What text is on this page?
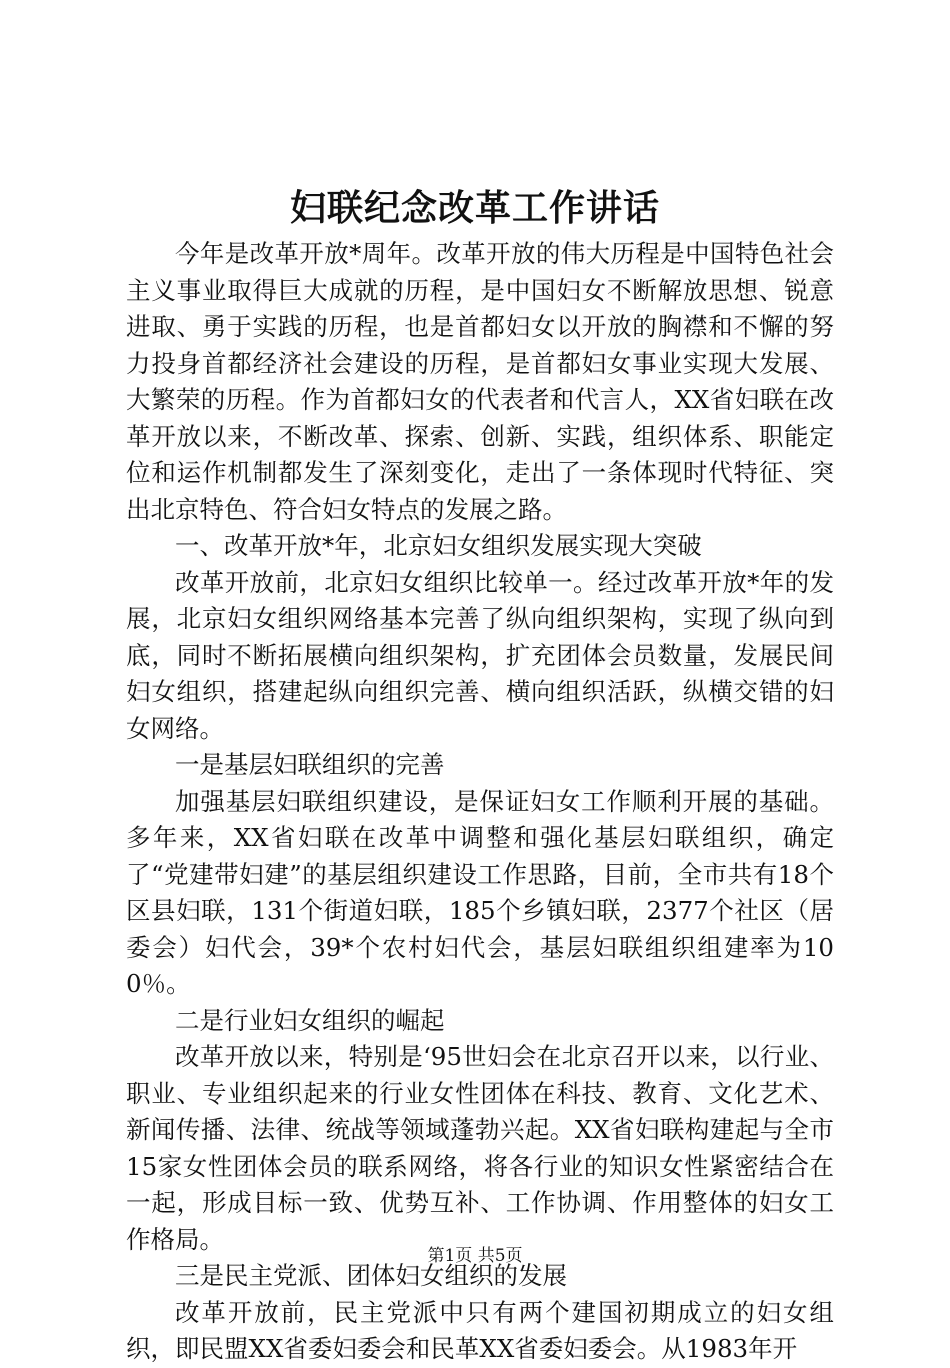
妇联纪念改革工作讲话

今年是改革开放*周年。改革开放的伟大历程是中国特色社会主义事业取得巨大成就的历程，是中国妇女不断解放思想、锐意进取、勇于实践的历程，也是首都妇女以开放的胸襟和不懈的努力投身首都经济社会建设的历程，是首都妇女事业实现大发展、大繁荣的历程。作为首都妇女的代表者和代言人，XX省妇联在改革开放以来，不断改革、探索、创新、实践，组织体系、职能定位和运作机制都发生了深刻变化，走出了一条体现时代特征、突出北京特色、符合妇女特点的发展之路。

一、改革开放*年，北京妇女组织发展实现大突破

改革开放前，北京妇女组织比较单一。经过改革开放*年的发展，北京妇女组织网络基本完善了纵向组织架构，实现了纵向到底，同时不断拓展横向组织架构，扩充团体会员数量，发展民间妇女组织，搭建起纵向组织完善、横向组织活跃，纵横交错的妇女网络。

一是基层妇联组织的完善

加强基层妇联组织建设，是保证妇女工作顺利开展的基础。多年来，XX省妇联在改革中调整和强化基层妇联组织，确定了“党建带妇建”的基层组织建设工作思路，目前，全市共有18个区县妇联，131个街道妇联，185个乡镇妇联，2377个社区（居委会）妇代会，39*个农村妇代会，基层妇联组织组建率为100％。

二是行业妇女组织的崛起

改革开放以来，特别是‘95世妇会在北京召开以来，以行业、职业、专业组织起来的行业女性团体在科技、教育、文化艺术、新闻传播、法律、统战等领域蓬勃兴起。XX省妇联构建起与全市15家女性团体会员的联系网络，将各行业的知识女性紧密结合在一起，形成目标一致、优势互补、工作协调、作用整体的妇女工作格局。

三是民主党派、团体妇女组织的发展

改革开放前，民主党派中只有两个建国初期成立的妇女组织，即民盟XX省委妇委会和民革XX省委妇委会。从1983年开

第1页 共5页
